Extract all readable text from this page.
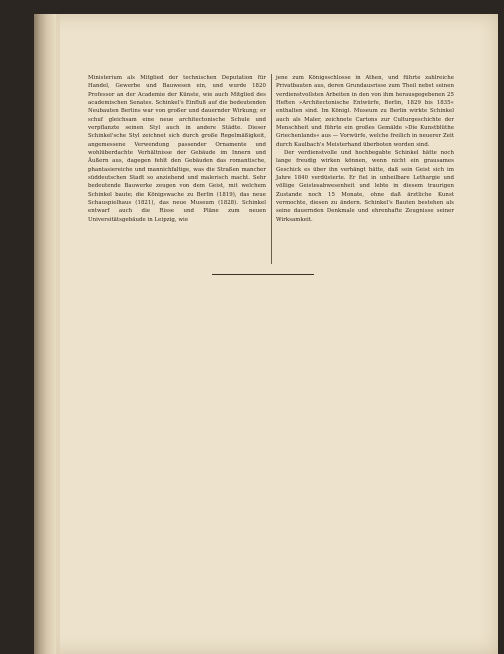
Ministerium als Mitglied der technischen Deputation für Handel, Gewerbe und Bauwesen ein, und wurde 1820 Professor an der Academie der Künste, wie auch Mitglied des academischen Senates. Schinkel's Einfluß auf die bedeutenden Neubauten Berlins war von großer und dauernder Wirkung; er schuf gleichsam eine neue architectonische Schule und verpflanzte seinen Styl auch in andere Städte. Dieser Schinkel'sche Styl zeichnet sich durch große Regelmäßigkeit, angemessene Verwendung passender Ornamente und wohlüberdachte Verhältnisse der Gebäude im Innern und Äußern aus, dagegen fehlt den Gebäuden das romantische, phantasiereiche und mannichfaltige, was die Straßen mancher süddeutschen Stadt so anziehend und malerisch macht. Sehr bedeutende Bauwerke zeugen von dem Geist, mit welchem Schinkel baute; die Königswache zu Berlin (1819), das neue Schauspielhaus (1821), das neue Museum (1828). Schinkel entwarf auch die Risse und Pläne zum neuen Universitätsgebäude in Leipzig, wie

jene zum Königsschlosse in Athen, und führte zahlreiche Privatbauten aus, deren Grundausrisse zum Theil nebst seinen verdienstvollsten Arbeiten in den von ihm herausgegebenen 25 Heften »Architectonische Entwürfe, Berlin, 1829 bis 1835« enthalten sind. Im Königl. Museum zu Berlin wirkte Schinkel auch als Maler, zeichnete Cartons zur Culturgeschichte der Menschheit und führte ein großes Gemälde »Die Kunstblüthe Griechenlands« aus — Vorwürfe, welche freilich in neuerer Zeit durch Kaulbach's Meisterhand überboten worden sind.

Der verdienstvolle und hochbegabte Schinkel hätte noch lange freudig wirken können, wenn nicht ein grausames Geschick es über ihn verhängt hätte, daß sein Geist sich im Jahre 1840 verdüsterte. Er fiel in unheilbare Lethargie und völlige Geistesabwesenheit und lebte in diesem traurigen Zustande noch 15 Monate, ohne daß ärztliche Kunst vermochte, diesen zu ändern. Schinkel's Bauten bestehen als seine dauernden Denkmale und ehrenhafte Zeugnisse seiner Wirksamkeit.
